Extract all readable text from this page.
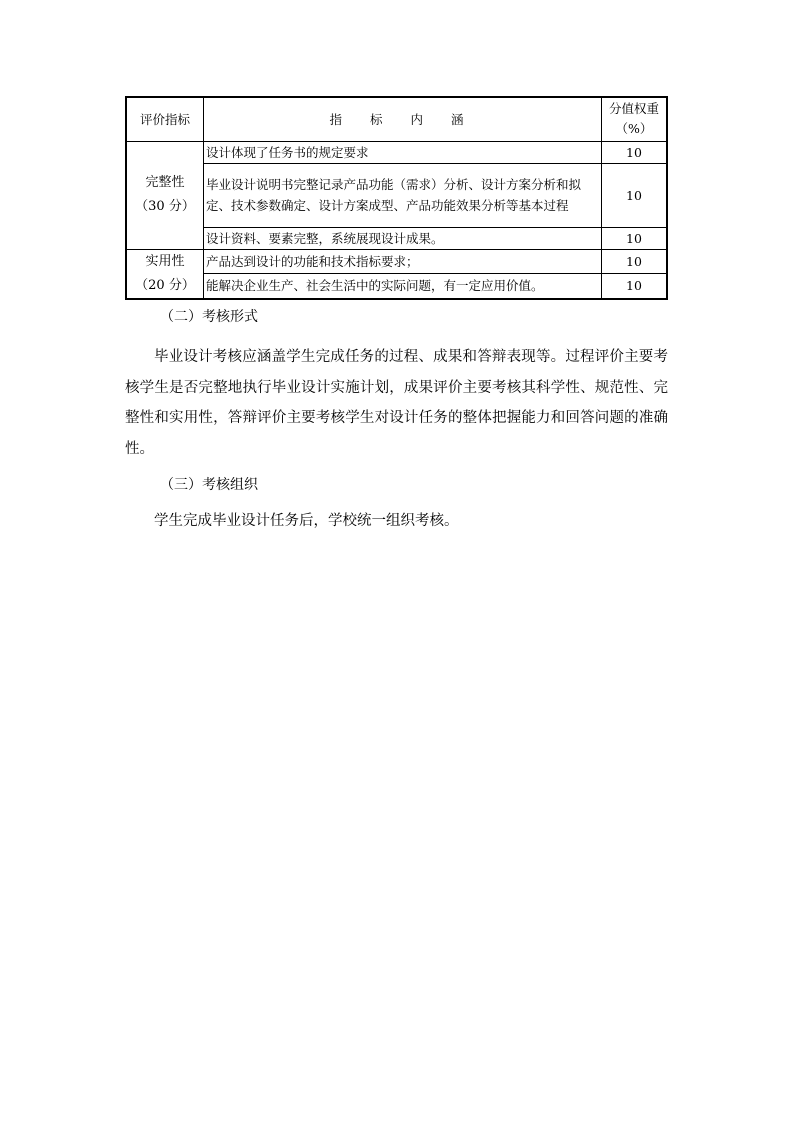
评价指标	指 标 内 涵	分值权重
（%）

完整性
（30 分）	设计体现了任务书的规定要求	10
	毕业设计说明书完整记录产品功能（需求）分析、设计方案分析和拟定、技术参数确定、设计方案成型、产品功能效果分析等基本过程	10
	设计资料、要素完整，系统展现设计成果。	10

实用性
（20 分）	产品达到设计的功能和技术指标要求；	10
	能解决企业生产、社会生活中的实际问题，有一定应用价值。	10
（二）考核形式

毕业设计考核应涵盖学生完成任务的过程、成果和答辩表现等。过程评价主要考核学生是否完整地执行毕业设计实施计划，成果评价主要考核其科学性、规范性、完整性和实用性，答辩评价主要考核学生对设计任务的整体把握能力和回答问题的准确性。

（三）考核组织

学生完成毕业设计任务后，学校统一组织考核。
